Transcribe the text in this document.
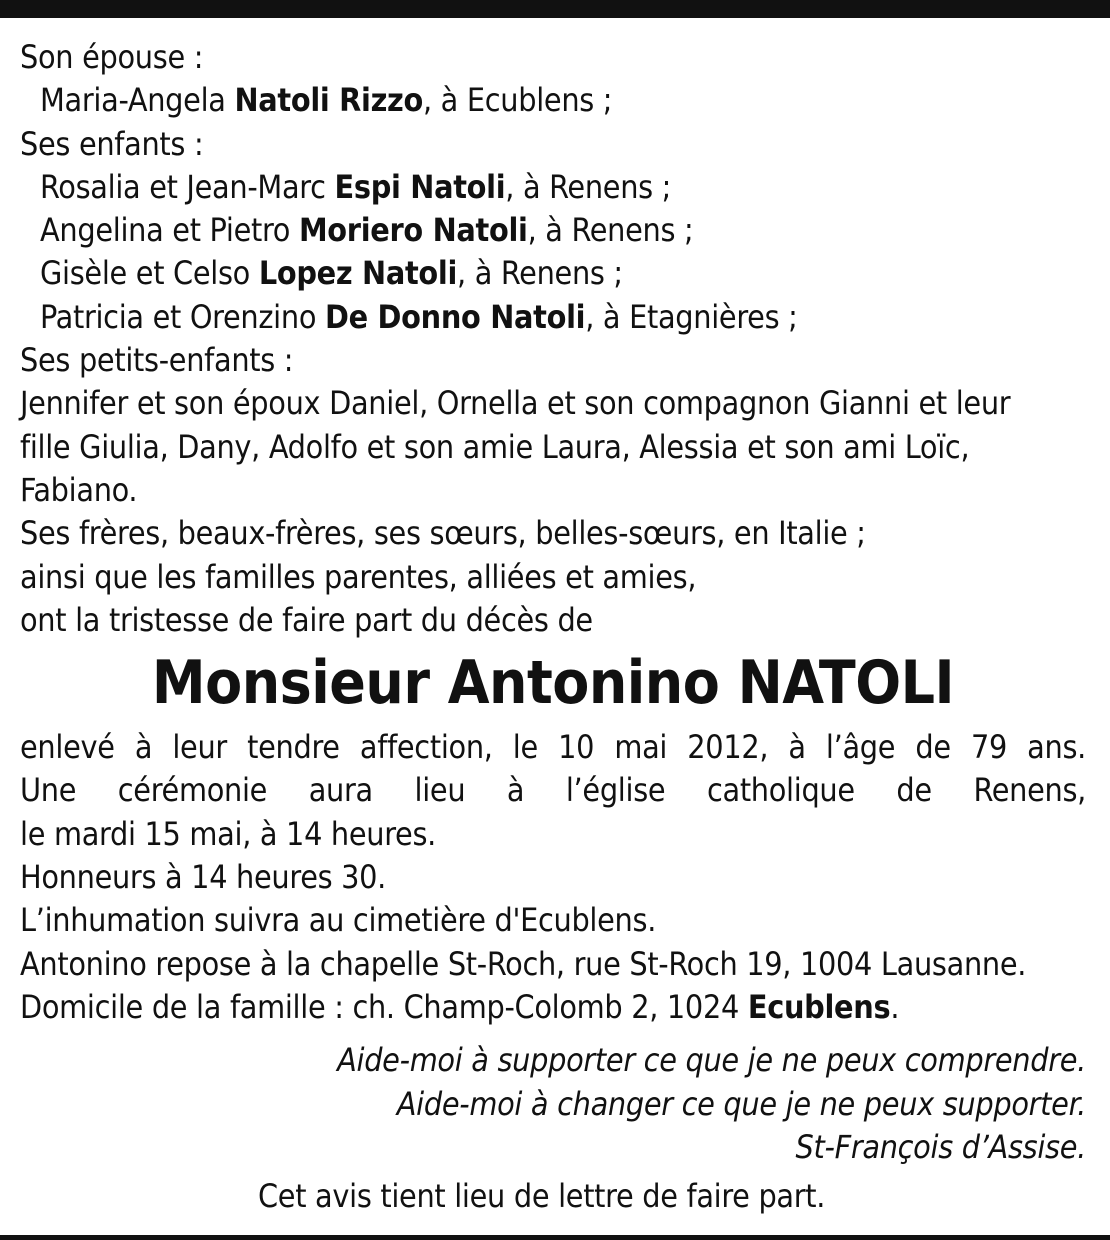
Son épouse :
Maria-Angela Natoli Rizzo, à Ecublens ;
Ses enfants :
Rosalia et Jean-Marc Espi Natoli, à Renens ;
Angelina et Pietro Moriero Natoli, à Renens ;
Gisèle et Celso Lopez Natoli, à Renens ;
Patricia et Orenzino De Donno Natoli, à Etagnières ;
Ses petits-enfants :
Jennifer et son époux Daniel, Ornella et son compagnon Gianni et leur
fille Giulia, Dany, Adolfo et son amie Laura, Alessia et son ami Loïc,
Fabiano.
Ses frères, beaux-frères, ses sœurs, belles-sœurs, en Italie ;
ainsi que les familles parentes, alliées et amies,
ont la tristesse de faire part du décès de
Monsieur Antonino NATOLI
enlevé à leur tendre affection, le 10 mai 2012, à l’âge de 79 ans.
Une cérémonie aura lieu à l’église catholique de Renens,
le mardi 15 mai, à 14 heures.
Honneurs à 14 heures 30.
L’inhumation suivra au cimetière d'Ecublens.
Antonino repose à la chapelle St-Roch, rue St-Roch 19, 1004 Lausanne.
Domicile de la famille : ch. Champ-Colomb 2, 1024 Ecublens.
Aide-moi à supporter ce que je ne peux comprendre.
Aide-moi à changer ce que je ne peux supporter.
St-François d’Assise.
Cet avis tient lieu de lettre de faire part.
